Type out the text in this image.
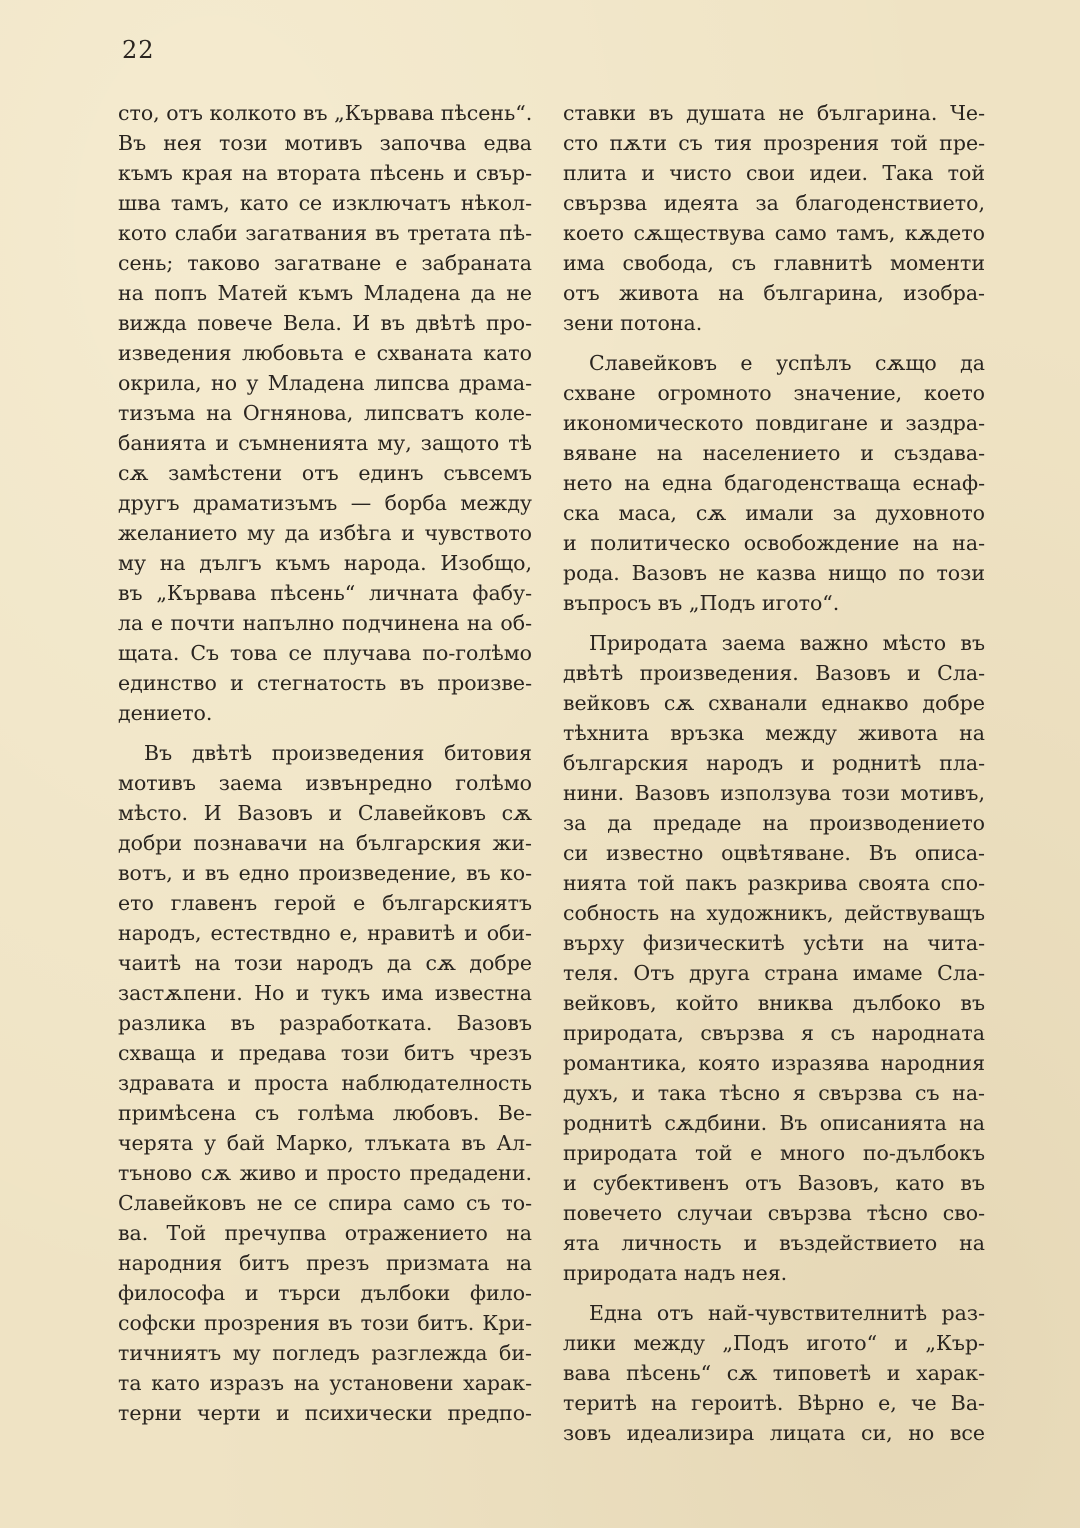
22
сто, отъ колкото въ „Кървава пѣсень“.
Въ нея този мотивъ започва едва
къмъ края на втората пѣсень и свър-
шва тамъ, като се изключатъ нѣкол-
кото слаби загатвания въ третата пѣ-
сень; таково загатване е забраната
на попъ Матей къмъ Младена да не
вижда повече Вела. И въ двѣтѣ про-
изведения любовьта е схваната като
окрила, но у Младена липсва драма-
тизъма на Огнянова, липсватъ коле-
банията и съмненията му, защото тѣ
сѫ замѣстени отъ единъ съвсемъ
другъ драматизъмъ — борба между
желанието му да избѣга и чувството
му на дългъ къмъ народа. Изобщо,
въ „Кървава пѣсень“ личната фабу-
ла е почти напълно подчинена на об-
щата. Съ това се плучава по-голѣмо
единство и стегнатость въ произве-
дението.
Въ двѣтѣ произведения битовия
мотивъ заема извънредно голѣмо
мѣсто. И Вазовъ и Славейковъ сѫ
добри познавачи на българския жи-
вотъ, и въ едно произведение, въ ко-
ето главенъ герой е българскиятъ
народъ, естествдно е, нравитѣ и оби-
чаитѣ на този народъ да сѫ добре
застѫпени. Но и тукъ има известна
разлика въ разработката. Вазовъ
схваща и предава този битъ чрезъ
здравата и проста наблюдателность
примѣсена съ голѣма любовъ. Ве-
черята у бай Марко, тлъката въ Ал-
тъново сѫ живо и просто предадени.
Славейковъ не се спира само съ то-
ва. Той пречупва отражението на
народния битъ презъ призмата на
философа и търси дълбоки фило-
софски прозрения въ този битъ. Кри-
тичниятъ му погледъ разглежда би-
та като изразъ на установени харак-
терни черти и психически предпо-
ставки въ душата не българина. Че-
сто пѫти съ тия прозрения той пре-
плита и чисто свои идеи. Така той
свързва идеята за благоденствието,
което сѫществува само тамъ, кѫдето
има свобода, съ главнитѣ моменти
отъ живота на българина, изобра-
зени потона.
Славейковъ е успѣлъ сѫщо да
схване огромното значение, което
икономическото повдигане и заздра-
вяване на населението и създава-
нето на една бдагоденстваща еснаф-
ска маса, сѫ имали за духовното
и политическо освобождение на на-
рода. Вазовъ не казва нищо по този
въпросъ въ „Подъ игото“.
Природата заема важно мѣсто въ
двѣтѣ произведения. Вазовъ и Сла-
вейковъ сѫ схванали еднакво добре
тѣхнита връзка между живота на
българския народъ и роднитѣ пла-
нини. Вазовъ използува този мотивъ,
за да предаде на производението
си известно оцвѣтяване. Въ описа-
нията той пакъ разкрива своята спо-
собность на художникъ, действуващъ
върху физическитѣ усѣти на чита-
теля. Отъ друга страна имаме Сла-
вейковъ, който вниква дълбоко въ
природата, свързва я съ народната
романтика, която изразява народния
духъ, и така тѣсно я свързва съ на-
роднитѣ сѫдбини. Въ описанията на
природата той е много по-дълбокъ
и субективенъ отъ Вазовъ, като въ
повечето случаи свързва тѣсно сво-
ята личность и въздействието на
природата надъ нея.
Една отъ най-чувствителнитѣ раз-
лики между „Подъ игото“ и „Кър-
вава пѣсень“ сѫ типоветѣ и харак-
теритѣ на героитѣ. Вѣрно е, че Ва-
зовъ идеализира лицата си, но все
